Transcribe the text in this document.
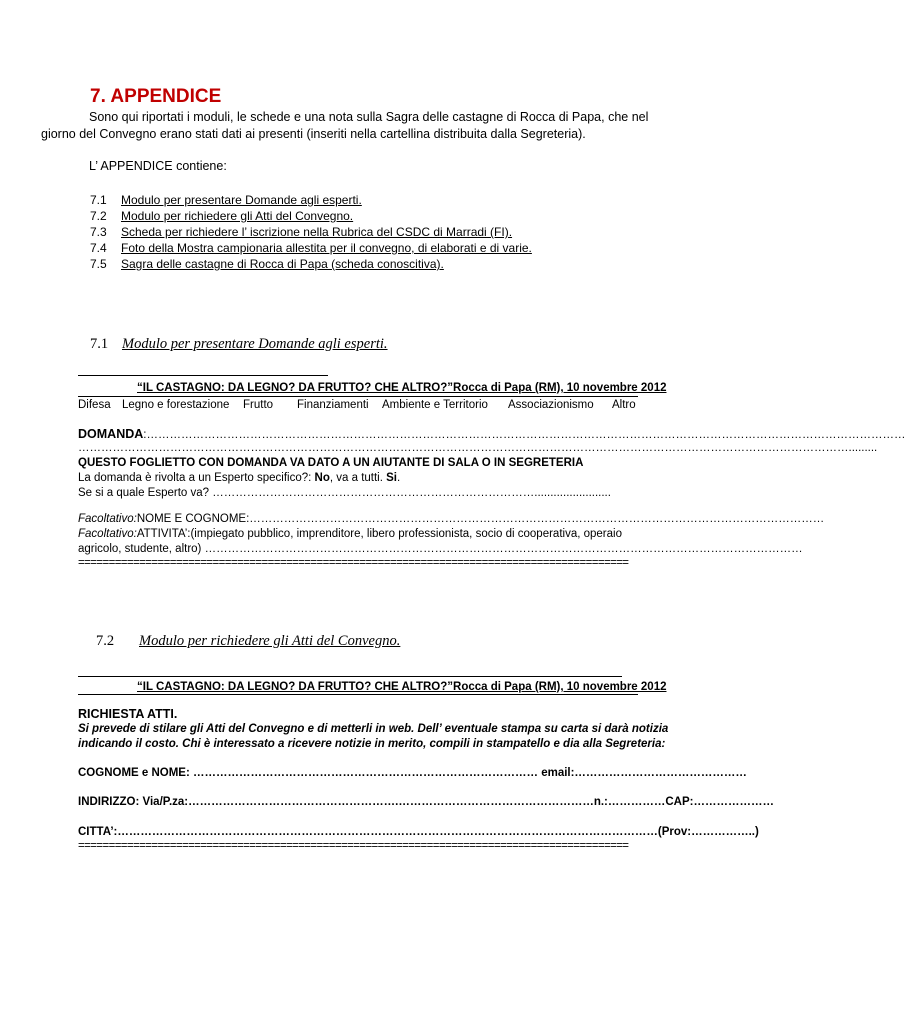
7. APPENDICE
Sono qui riportati i moduli, le schede e una nota sulla Sagra delle castagne di Rocca di Papa, che nel
giorno del Convegno erano stati dati ai presenti (inseriti nella cartellina distribuita dalla Segreteria).
L’ APPENDICE contiene:
7.1 Modulo per presentare Domande agli esperti.
7.2 Modulo per richiedere gli Atti del Convegno.
7.3 Scheda per richiedere l’ iscrizione nella Rubrica del CSDC di Marradi (FI).
7.4 Foto della Mostra campionaria allestita per il convegno, di elaborati e di varie.
7.5 Sagra delle castagne di Rocca di Papa (scheda conoscitiva).
7.1 Modulo per presentare Domande agli esperti.
“IL CASTAGNO: DA LEGNO? DA FRUTTO? CHE ALTRO?”Rocca di Papa (RM), 10 novembre 2012
Difesa Legno e forestazione Frutto Finanziamenti Ambiente e Territorio Associazionismo Altro
DOMANDA:………………………………………………………………………………………………………………………………………………………………………………
………………………………………………………………………………………………………………………………………………………………………………….........
QUESTO FOGLIETTO CON DOMANDA VA DATO A UN AIUTANTE DI SALA O IN SEGRETERIA
La domanda è rivolta a un Esperto specifico?: No, va a tutti. Si.
Se si a quale Esperto va? …………………………………………………………………………........................
Facoltativo:NOME E COGNOME:……………………………………………………………………………………………………………………………………
Facoltativo:ATTIVITA’:(impiegato pubblico, imprenditore, libero professionista, socio di cooperativa, operaio
agricolo, studente, altro) …………………………………………………………………………………………………………………………………………
==========================================================================================
7.2 Modulo per richiedere gli Atti del Convegno.
“IL CASTAGNO: DA LEGNO? DA FRUTTO? CHE ALTRO?”Rocca di Papa (RM), 10 novembre 2012
RICHIESTA ATTI.
Si prevede di stilare gli Atti del Convegno e di metterli in web. Dell’ eventuale stampa su carta si darà notizia
indicando il costo. Chi è interessato a ricevere notizie in merito, compili in stampatello e dia alla Segreteria:
COGNOME e NOME: ……………………………………………………………………………… email:………………………………………
INDIRIZZO: Via/P.za:……………………………………………….……………………………………………n.:……………CAP:…………………
CITTA’:……………………………………………………………………………………………………………………………(Prov:……………..)
==========================================================================================
